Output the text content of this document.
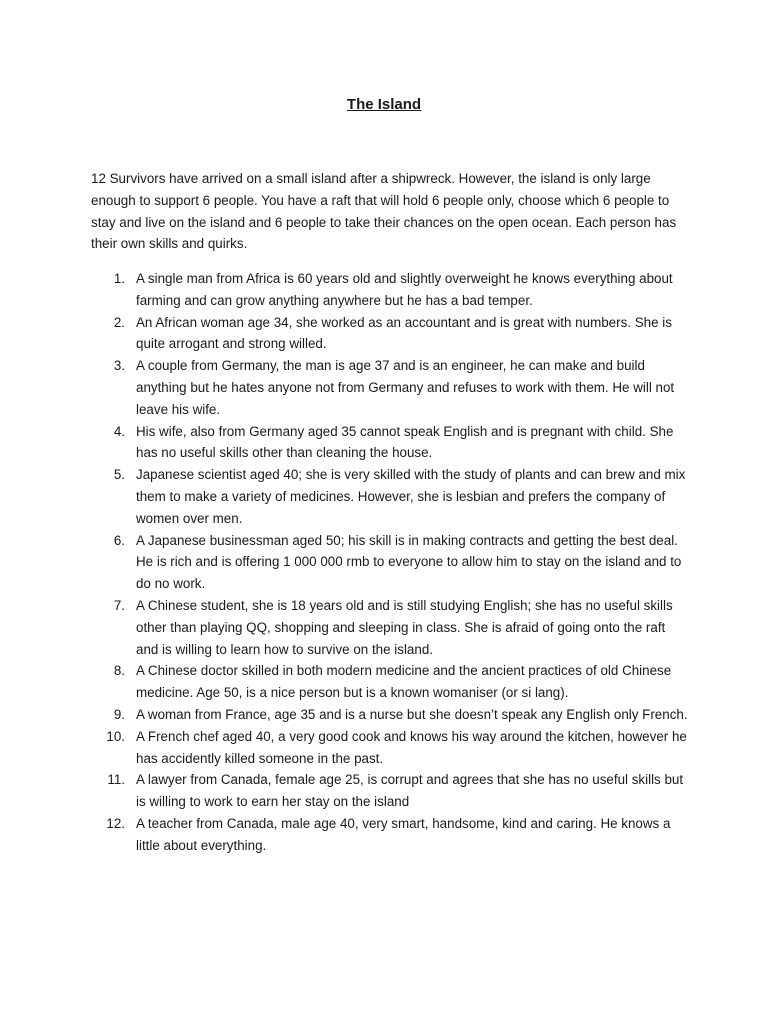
The Island

12 Survivors have arrived on a small island after a shipwreck. However, the island is only large enough to support 6 people. You have a raft that will hold 6 people only, choose which 6 people to stay and live on the island and 6 people to take their chances on the open ocean. Each person has their own skills and quirks.

1. A single man from Africa is 60 years old and slightly overweight he knows everything about farming and can grow anything anywhere but he has a bad temper.
2. An African woman age 34, she worked as an accountant and is great with numbers. She is quite arrogant and strong willed.
3. A couple from Germany, the man is age 37 and is an engineer, he can make and build anything but he hates anyone not from Germany and refuses to work with them. He will not leave his wife.
4. His wife, also from Germany aged 35 cannot speak English and is pregnant with child. She has no useful skills other than cleaning the house.
5. Japanese scientist aged 40; she is very skilled with the study of plants and can brew and mix them to make a variety of medicines. However, she is lesbian and prefers the company of women over men.
6. A Japanese businessman aged 50; his skill is in making contracts and getting the best deal. He is rich and is offering 1 000 000 rmb to everyone to allow him to stay on the island and to do no work.
7. A Chinese student, she is 18 years old and is still studying English; she has no useful skills other than playing QQ, shopping and sleeping in class. She is afraid of going onto the raft and is willing to learn how to survive on the island.
8. A Chinese doctor skilled in both modern medicine and the ancient practices of old Chinese medicine. Age 50, is a nice person but is a known womaniser (or si lang).
9. A woman from France, age 35 and is a nurse but she doesn’t speak any English only French.
10. A French chef aged 40, a very good cook and knows his way around the kitchen, however he has accidently killed someone in the past.
11. A lawyer from Canada, female age 25, is corrupt and agrees that she has no useful skills but is willing to work to earn her stay on the island
12. A teacher from Canada, male age 40, very smart, handsome, kind and caring. He knows a little about everything.
